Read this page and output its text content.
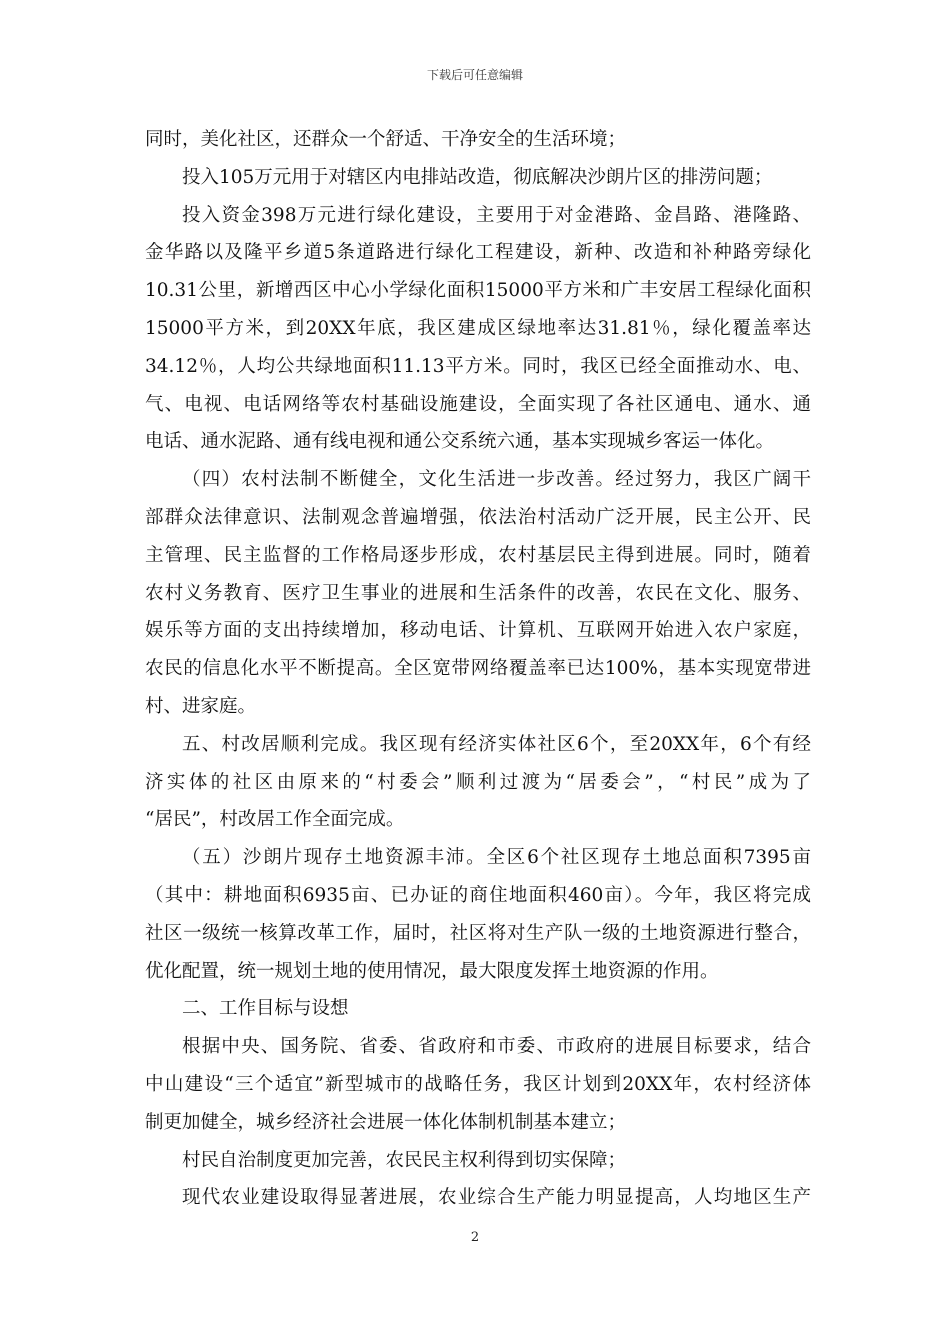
下载后可任意编辑
同时，美化社区，还群众一个舒适、干净安全的生活环境；
投入105万元用于对辖区内电排站改造，彻底解决沙朗片区的排涝问题；
投入资金398万元进行绿化建设，主要用于对金港路、金昌路、港隆路、
金华路以及隆平乡道5条道路进行绿化工程建设，新种、改造和补种路旁绿化
10.31公里，新增西区中心小学绿化面积15000平方米和广丰安居工程绿化面积
15000平方米，到20XX年底，我区建成区绿地率达31.81％，绿化覆盖率达
34.12％，人均公共绿地面积11.13平方米。同时，我区已经全面推动水、电、
气、电视、电话网络等农村基础设施建设，全面实现了各社区通电、通水、通
电话、通水泥路、通有线电视和通公交系统六通，基本实现城乡客运一体化。
（四）农村法制不断健全，文化生活进一步改善。经过努力，我区广阔干
部群众法律意识、法制观念普遍增强，依法治村活动广泛开展，民主公开、民
主管理、民主监督的工作格局逐步形成，农村基层民主得到进展。同时，随着
农村义务教育、医疗卫生事业的进展和生活条件的改善，农民在文化、服务、
娱乐等方面的支出持续增加，移动电话、计算机、互联网开始进入农户家庭，
农民的信息化水平不断提高。全区宽带网络覆盖率已达100%，基本实现宽带进
村、进家庭。
五、村改居顺利完成。我区现有经济实体社区6个，至20XX年，6个有经
济实体的社区由原来的“村委会”顺利过渡为“居委会”，“村民”成为了
“居民”，村改居工作全面完成。
（五）沙朗片现存土地资源丰沛。全区6个社区现存土地总面积7395亩
（其中：耕地面积6935亩、已办证的商住地面积460亩）。今年，我区将完成
社区一级统一核算改革工作，届时，社区将对生产队一级的土地资源进行整合，
优化配置，统一规划土地的使用情况，最大限度发挥土地资源的作用。
二、工作目标与设想
根据中央、国务院、省委、省政府和市委、市政府的进展目标要求，结合
中山建设“三个适宜”新型城市的战略任务，我区计划到20XX年，农村经济体
制更加健全，城乡经济社会进展一体化体制机制基本建立；
村民自治制度更加完善，农民民主权利得到切实保障；
现代农业建设取得显著进展，农业综合生产能力明显提高，人均地区生产
2
